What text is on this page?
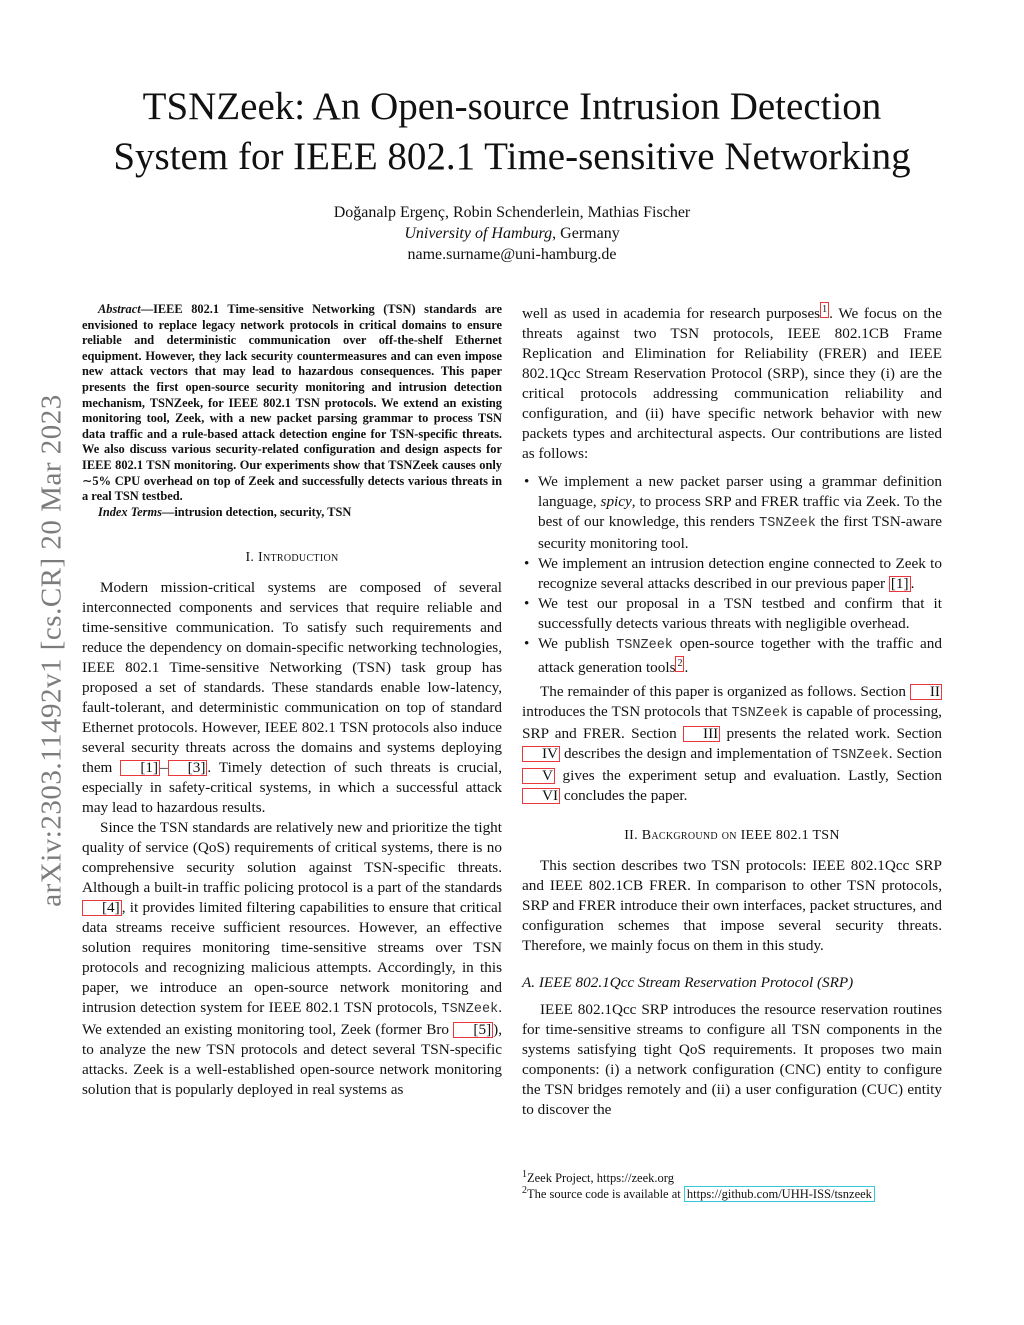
arXiv:2303.11492v1 [cs.CR] 20 Mar 2023
TSNZeek: An Open-source Intrusion Detection
System for IEEE 802.1 Time-sensitive Networking
Doğanalp Ergenç, Robin Schenderlein, Mathias Fischer
University of Hamburg, Germany
name.surname@uni-hamburg.de

Abstract—IEEE 802.1 Time-sensitive Networking (TSN) standards are envisioned to replace legacy network protocols in critical domains to ensure reliable and deterministic communication over off-the-shelf Ethernet equipment. However, they lack security countermeasures and can even impose new attack vectors that may lead to hazardous consequences. This paper presents the first open-source security monitoring and intrusion detection mechanism, TSNZeek, for IEEE 802.1 TSN protocols. We extend an existing monitoring tool, Zeek, with a new packet parsing grammar to process TSN data traffic and a rule-based attack detection engine for TSN-specific threats. We also discuss various security-related configuration and design aspects for IEEE 802.1 TSN monitoring. Our experiments show that TSNZeek causes only ∼5% CPU overhead on top of Zeek and successfully detects various threats in a real TSN testbed.

Index Terms—intrusion detection, security, TSN

I. Introduction

Modern mission-critical systems are composed of several interconnected components and services that require reliable and time-sensitive communication. To satisfy such requirements and reduce the dependency on domain-specific networking technologies, IEEE 802.1 Time-sensitive Networking (TSN) task group has proposed a set of standards. These standards enable low-latency, fault-tolerant, and deterministic communication on top of standard Ethernet protocols. However, IEEE 802.1 TSN protocols also induce several security threats across the domains and systems deploying them [1] – [3] . Timely detection of such threats is crucial, especially in safety-critical systems, in which a successful attack may lead to hazardous results.

Since the TSN standards are relatively new and prioritize the tight quality of service (QoS) requirements of critical systems, there is no comprehensive security solution against TSN-specific threats. Although a built-in traffic policing protocol is a part of the standards [4] , it provides limited filtering capabilities to ensure that critical data streams receive sufficient resources. However, an effective solution requires monitoring time-sensitive streams over TSN protocols and recognizing malicious attempts. Accordingly, in this paper, we introduce an open-source network monitoring and intrusion detection system for IEEE 802.1 TSN protocols, TSNZeek. We extended an existing monitoring tool, Zeek (former Bro [5] ), to analyze the new TSN protocols and detect several TSN-specific attacks. Zeek is a well-established open-source network monitoring solution that is popularly deployed in real systems as

well as used in academia for research purposes $^1$ . We focus on the threats against two TSN protocols, IEEE 802.1CB Frame Replication and Elimination for Reliability (FRER) and IEEE 802.1Qcc Stream Reservation Protocol (SRP), since they (i) are the critical protocols addressing communication reliability and configuration, and (ii) have specific network behavior with new packets types and architectural aspects. Our contributions are listed as follows:

• We implement a new packet parser using a grammar definition language, spicy, to process SRP and FRER traffic via Zeek. To the best of our knowledge, this renders TSNZeek the first TSN-aware security monitoring tool.
• We implement an intrusion detection engine connected to Zeek to recognize several attacks described in our previous paper [1] .
• We test our proposal in a TSN testbed and confirm that it successfully detects various threats with negligible overhead.
• We publish TSNZeek open-source together with the traffic and attack generation tools $^2$ .

The remainder of this paper is organized as follows. Section II introduces the TSN protocols that TSNZeek is capable of processing, SRP and FRER. Section III presents the related work. Section IV describes the design and implementation of TSNZeek. Section V gives the experiment setup and evaluation. Lastly, Section VI concludes the paper.

II. Background on IEEE 802.1 TSN

This section describes two TSN protocols: IEEE 802.1Qcc SRP and IEEE 802.1CB FRER. In comparison to other TSN protocols, SRP and FRER introduce their own interfaces, packet structures, and configuration schemes that impose several security threats. Therefore, we mainly focus on them in this study.

A. IEEE 802.1Qcc Stream Reservation Protocol (SRP)

IEEE 802.1Qcc SRP introduces the resource reservation routines for time-sensitive streams to configure all TSN components in the systems satisfying tight QoS requirements. It proposes two main components: (i) a network configuration (CNC) entity to configure the TSN bridges remotely and (ii) a user configuration (CUC) entity to discover the

$^1$Zeek Project, https://zeek.org

$^2$The source code is available at https://github.com/UHH-ISS/tsnzeek
